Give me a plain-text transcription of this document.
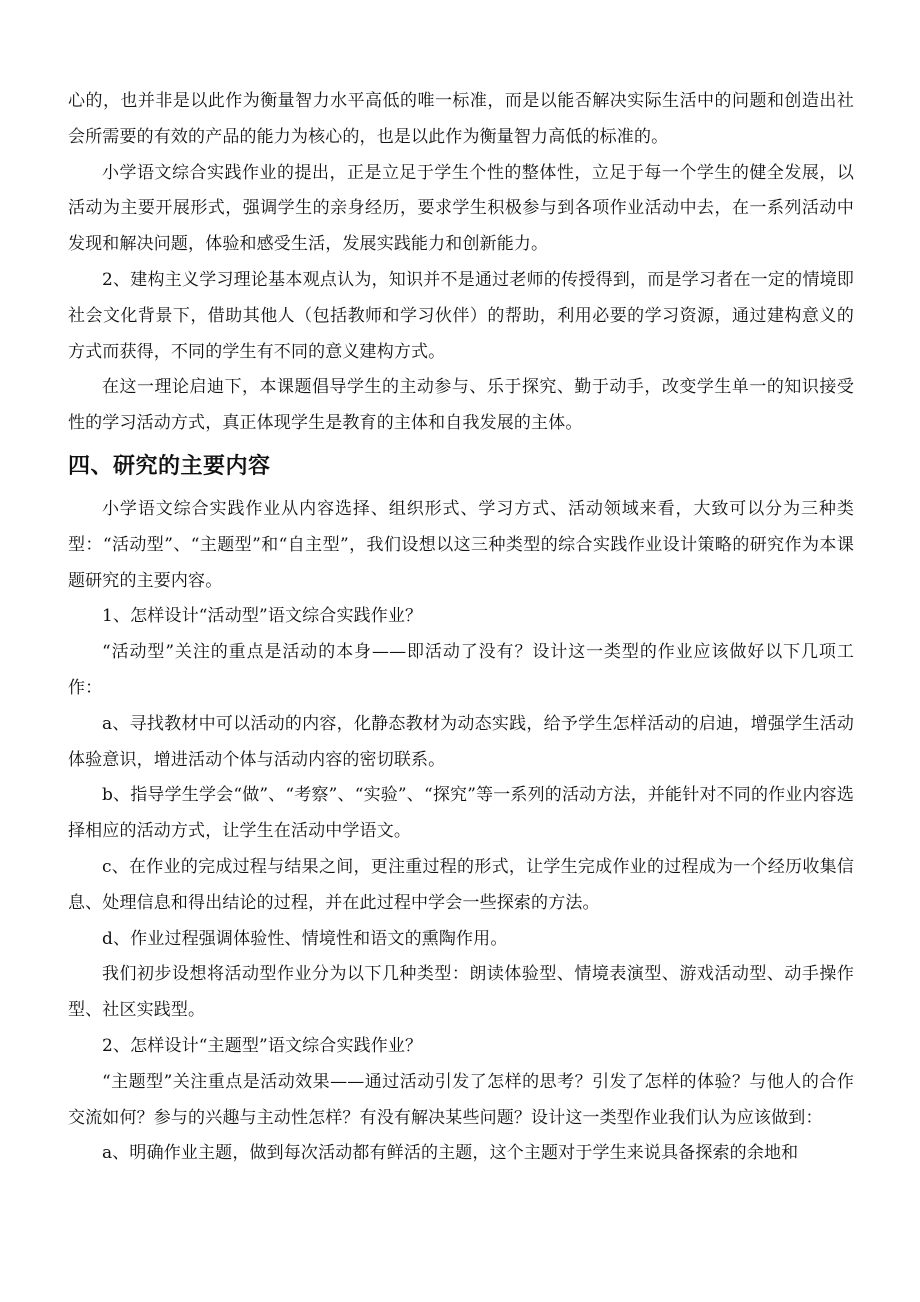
心的，也并非是以此作为衡量智力水平高低的唯一标准，而是以能否解决实际生活中的问题和创造出社会所需要的有效的产品的能力为核心的，也是以此作为衡量智力高低的标准的。

小学语文综合实践作业的提出，正是立足于学生个性的整体性，立足于每一个学生的健全发展，以活动为主要开展形式，强调学生的亲身经历，要求学生积极参与到各项作业活动中去，在一系列活动中发现和解决问题，体验和感受生活，发展实践能力和创新能力。

2、建构主义学习理论基本观点认为，知识并不是通过老师的传授得到，而是学习者在一定的情境即社会文化背景下，借助其他人（包括教师和学习伙伴）的帮助，利用必要的学习资源，通过建构意义的方式而获得，不同的学生有不同的意义建构方式。

在这一理论启迪下，本课题倡导学生的主动参与、乐于探究、勤于动手，改变学生单一的知识接受性的学习活动方式，真正体现学生是教育的主体和自我发展的主体。

四、研究的主要内容

小学语文综合实践作业从内容选择、组织形式、学习方式、活动领域来看，大致可以分为三种类型：“活动型”、“主题型”和“自主型”，我们设想以这三种类型的综合实践作业设计策略的研究作为本课题研究的主要内容。

1、怎样设计“活动型”语文综合实践作业？

“活动型”关注的重点是活动的本身——即活动了没有？设计这一类型的作业应该做好以下几项工作：

a、寻找教材中可以活动的内容，化静态教材为动态实践，给予学生怎样活动的启迪，增强学生活动体验意识，增进活动个体与活动内容的密切联系。

b、指导学生学会“做”、“考察”、“实验”、“探究”等一系列的活动方法，并能针对不同的作业内容选择相应的活动方式，让学生在活动中学语文。

c、在作业的完成过程与结果之间，更注重过程的形式，让学生完成作业的过程成为一个经历收集信息、处理信息和得出结论的过程，并在此过程中学会一些探索的方法。

d、作业过程强调体验性、情境性和语文的熏陶作用。

我们初步设想将活动型作业分为以下几种类型：朗读体验型、情境表演型、游戏活动型、动手操作型、社区实践型。

2、怎样设计“主题型”语文综合实践作业？

“主题型”关注重点是活动效果——通过活动引发了怎样的思考？引发了怎样的体验？与他人的合作交流如何？参与的兴趣与主动性怎样？有没有解决某些问题？设计这一类型作业我们认为应该做到：

a、明确作业主题，做到每次活动都有鲜活的主题，这个主题对于学生来说具备探索的余地和
